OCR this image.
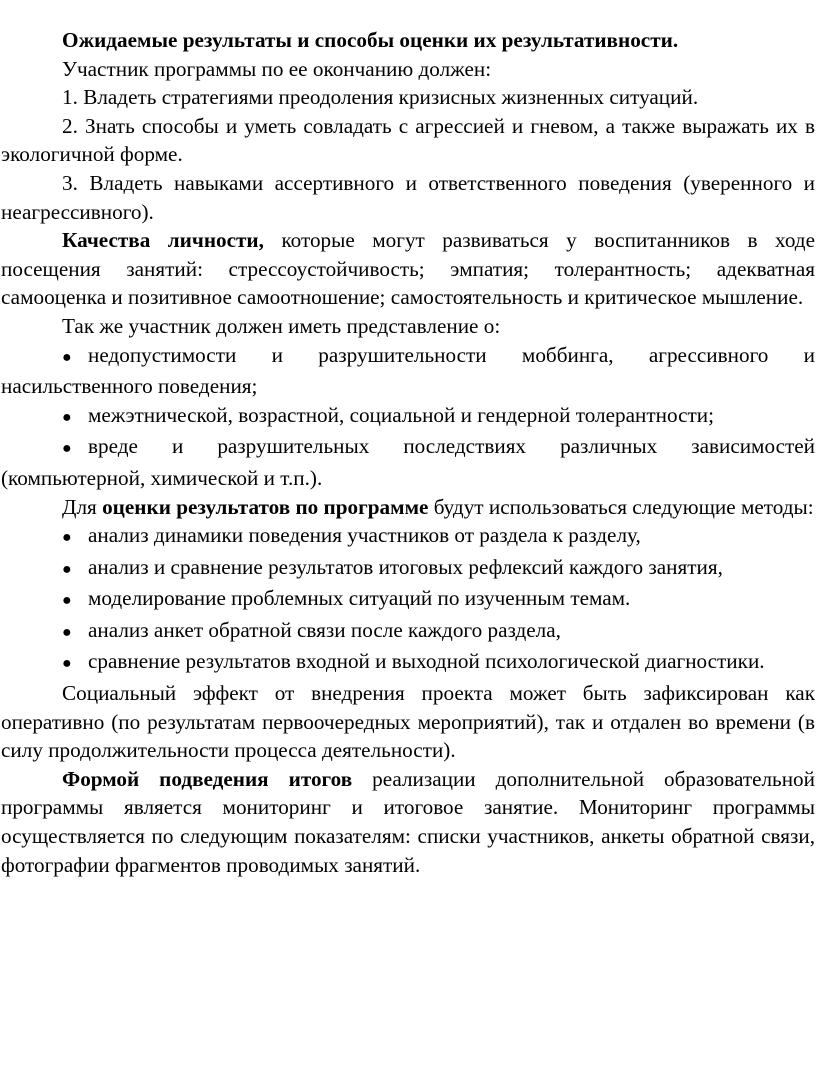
Ожидаемые результаты и способы оценки их результативности.

Участник программы по ее окончанию должен:

1. Владеть стратегиями преодоления кризисных жизненных ситуаций.

2. Знать способы и уметь совладать с агрессией и гневом, а также выражать их в экологичной форме.

3. Владеть навыками ассертивного и ответственного поведения (уверенного и неагрессивного).

Качества личности, которые могут развиваться у воспитанников в ходе посещения занятий: стрессоустойчивость; эмпатия; толерантность; адекватная самооценка и позитивное самоотношение; самостоятельность и критическое мышление.

Так же участник должен иметь представление о:

● недопустимости и разрушительности моббинга, агрессивного и насильственного поведения;

● межэтнической, возрастной, социальной и гендерной толерантности;

● вреде и разрушительных последствиях различных зависимостей (компьютерной, химической и т.п.).

Для оценки результатов по программе будут использоваться следующие методы:

● анализ динамики поведения участников от раздела к разделу,

● анализ и сравнение результатов итоговых рефлексий каждого занятия,

● моделирование проблемных ситуаций по изученным темам.

● анализ анкет обратной связи после каждого раздела,

● сравнение результатов входной и выходной психологической диагностики.

Социальный эффект от внедрения проекта может быть зафиксирован как оперативно (по результатам первоочередных мероприятий), так и отдален во времени (в силу продолжительности процесса деятельности).

Формой подведения итогов реализации дополнительной образовательной программы является мониторинг и итоговое занятие. Мониторинг программы осуществляется по следующим показателям: списки участников, анкеты обратной связи, фотографии фрагментов проводимых занятий.
